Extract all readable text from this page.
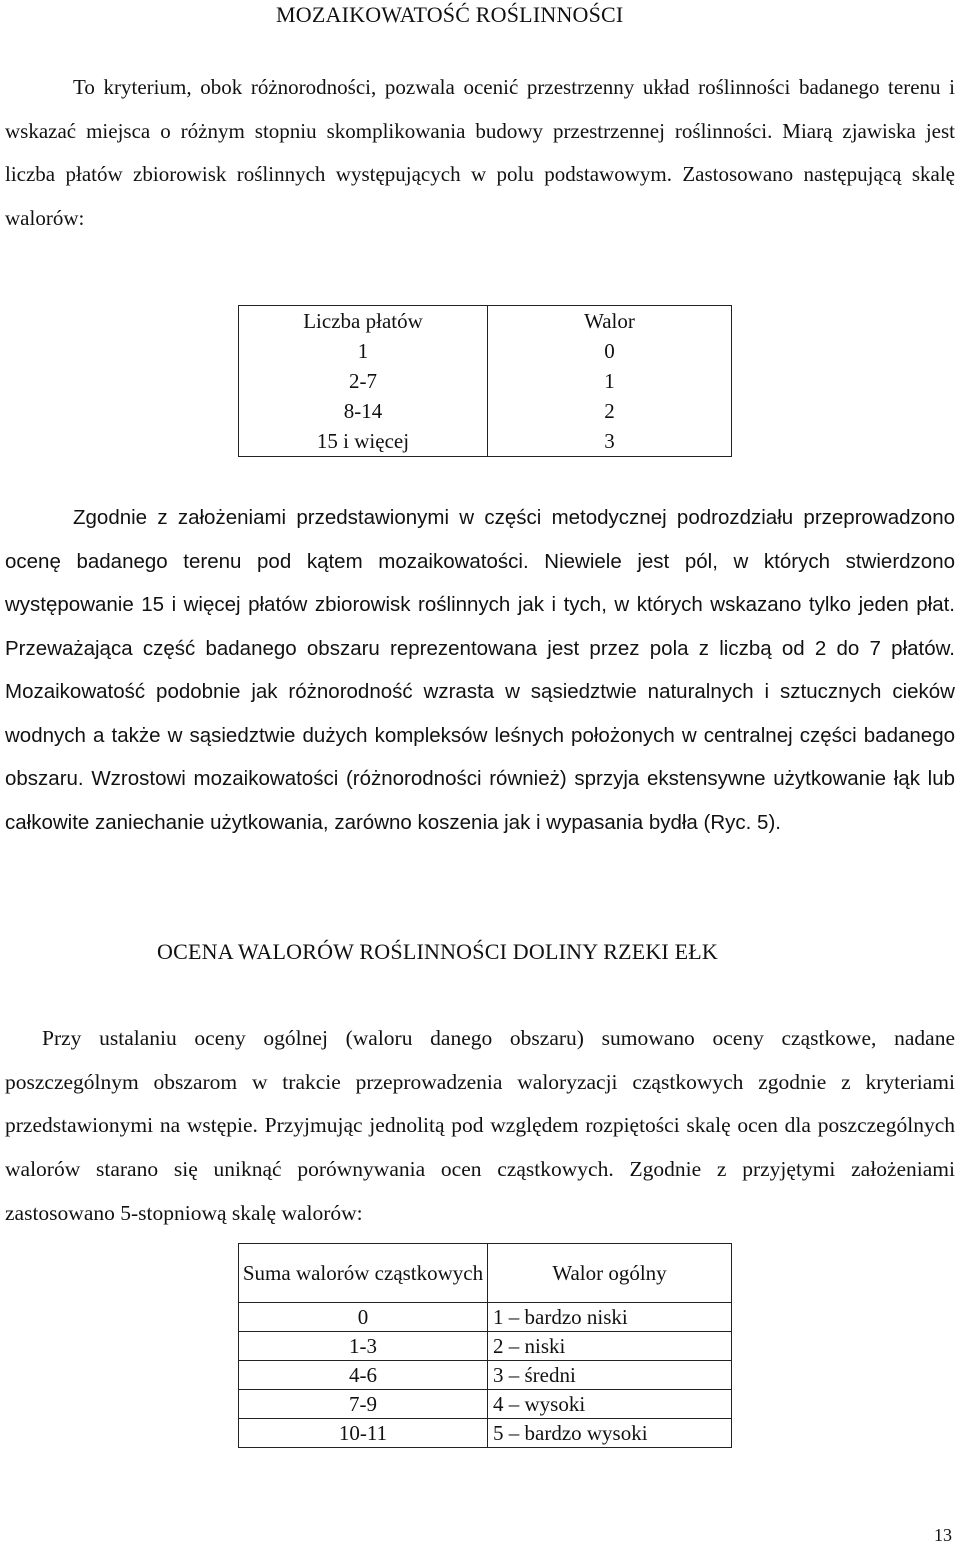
MOZAIKOWATOŚĆ ROŚLINNOŚCI
To kryterium, obok różnorodności, pozwala ocenić przestrzenny układ roślinności badanego terenu i wskazać miejsca o różnym stopniu skomplikowania budowy przestrzennej roślinności. Miarą zjawiska jest liczba płatów zbiorowisk roślinnych występujących w polu podstawowym. Zastosowano następującą skalę walorów:
Liczba płatów	Walor
1	0
2-7	1
8-14	2
15 i więcej	3
Zgodnie z założeniami przedstawionymi w części metodycznej podrozdziału przeprowadzono ocenę badanego terenu pod kątem mozaikowatości. Niewiele jest pól, w których stwierdzono występowanie 15 i więcej płatów zbiorowisk roślinnych jak i tych, w których wskazano tylko jeden płat. Przeważająca część badanego obszaru reprezentowana jest przez pola z liczbą od 2 do 7 płatów. Mozaikowatość podobnie jak różnorodność wzrasta w sąsiedztwie naturalnych i sztucznych cieków wodnych a także w sąsiedztwie dużych kompleksów leśnych położonych w centralnej części badanego obszaru. Wzrostowi mozaikowatości (różnorodności również) sprzyja ekstensywne użytkowanie łąk lub całkowite zaniechanie użytkowania, zarówno koszenia jak i wypasania bydła (Ryc. 5).
OCENA WALORÓW ROŚLINNOŚCI DOLINY RZEKI EŁK
Przy ustalaniu oceny ogólnej (waloru danego obszaru) sumowano oceny cząstkowe, nadane poszczególnym obszarom w trakcie przeprowadzenia waloryzacji cząstkowych zgodnie z kryteriami przedstawionymi na wstępie. Przyjmując jednolitą pod względem rozpiętości skalę ocen dla poszczególnych walorów starano się uniknąć porównywania ocen cząstkowych. Zgodnie z przyjętymi założeniami zastosowano 5-stopniową skalę walorów:
Suma walorów cząstkowych	Walor ogólny
0	1 – bardzo niski
1-3	2 – niski
4-6	3 – średni
7-9	4 – wysoki
10-11	5 – bardzo wysoki
13
